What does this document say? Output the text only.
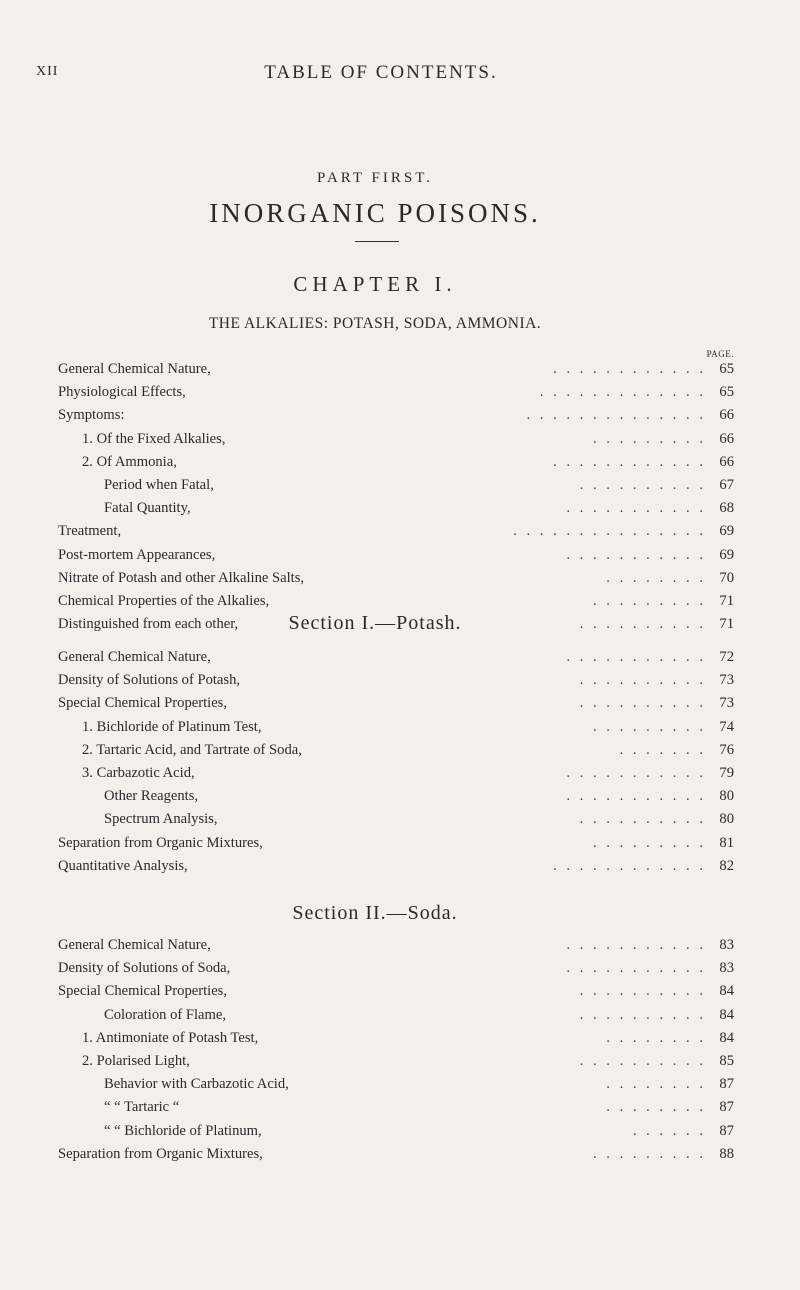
XII	TABLE OF CONTENTS.
PART FIRST.
INORGANIC POISONS.
CHAPTER I.
THE ALKALIES: POTASH, SODA, AMMONIA.
PAGE.
Section I.—Potash.
Section II.—Soda.
. . . . . . . . . . . .
General Chemical Nature,	65
. . . . . . . . . . . . .
Physiological Effects,	65
. . . . . . . . . . . . . .
Symptoms:	66
. . . . . . . . .
1. Of the Fixed Alkalies,	66
. . . . . . . . . . . .
2. Of Ammonia,	66
. . . . . . . . . .
Period when Fatal,	67
. . . . . . . . . . .
Fatal Quantity,	68
. . . . . . . . . . . . . . .
Treatment,	69
. . . . . . . . . . .
Post-mortem Appearances,	69
. . . . . . . .
Nitrate of Potash and other Alkaline Salts,	70
. . . . . . . . .
Chemical Properties of the Alkalies,	71
. . . . . . . . . .
Distinguished from each other,	71
. . . . . . . . . . .
General Chemical Nature,	72
. . . . . . . . . .
Density of Solutions of Potash,	73
. . . . . . . . . .
Special Chemical Properties,	73
. . . . . . . . .
1. Bichloride of Platinum Test,	74
. . . . . . .
2. Tartaric Acid, and Tartrate of Soda,	76
. . . . . . . . . . .
3. Carbazotic Acid,	79
. . . . . . . . . . .
Other Reagents,	80
. . . . . . . . . .
Spectrum Analysis,	80
. . . . . . . . .
Separation from Organic Mixtures,	81
. . . . . . . . . . . .
Quantitative Analysis,	82
. . . . . . . . . . .
General Chemical Nature,	83
. . . . . . . . . . .
Density of Solutions of Soda,	83
. . . . . . . . . .
Special Chemical Properties,	84
. . . . . . . . . .
Coloration of Flame,	84
. . . . . . . .
1. Antimoniate of Potash Test,	84
. . . . . . . . . .
2. Polarised Light,	85
. . . . . . . .
Behavior with Carbazotic Acid,	87
. . . . . . . .
“ “ Tartaric “	87
. . . . . .
“ “ Bichloride of Platinum,	87
. . . . . . . . .
Separation from Organic Mixtures,	88
